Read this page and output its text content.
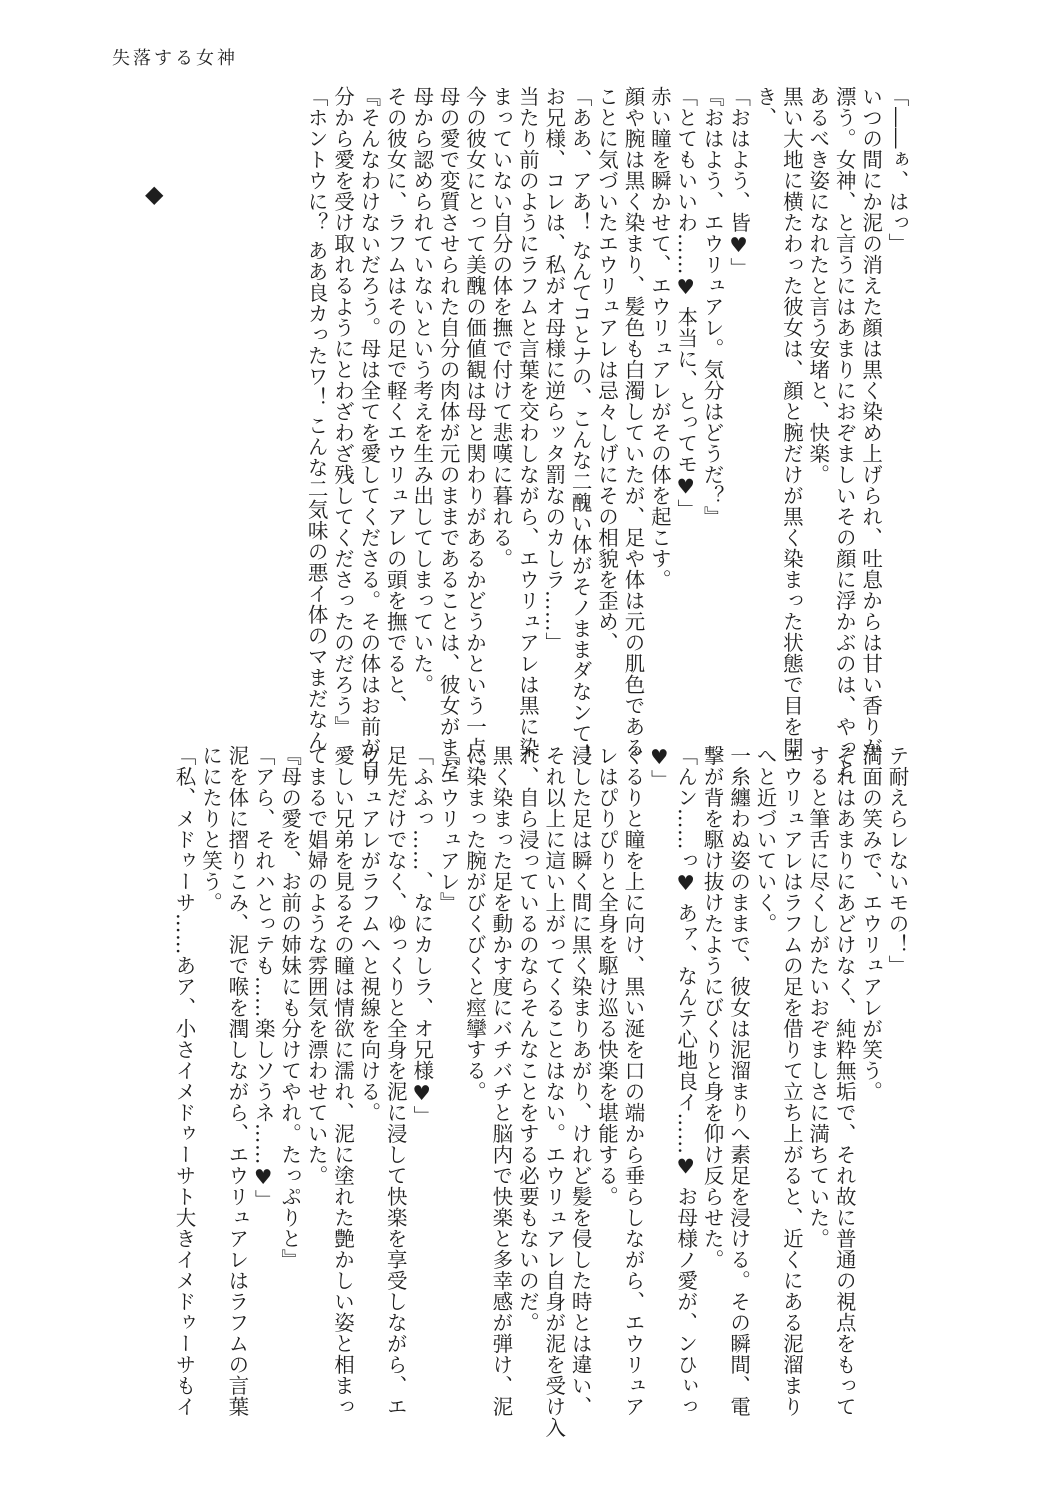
失落する女神
◆	「――ぁ、はっ」

いつの間にか泥の消えた顔は黒く染め上げられ、吐息からは甘い香りが

漂う。女神、と言うにはあまりにおぞましいその顔に浮かぶのは、やっと

あるべき姿になれたと言う安堵と、快楽。

黒い大地に横たわった彼女は、顔と腕だけが黒く染まった状態で目を開

き、

「おはよう、皆♥」

『おはよう、エウリュアレ。気分はどうだ？』

「とてもいいわ……♥ 本当に、とってモ♥」

赤い瞳を瞬かせて、エウリュアレがその体を起こす。

顔や腕は黒く染まり、髪色も白濁していたが、足や体は元の肌色である

ことに気づいたエウリュアレは忌々しげにその相貌を歪め、

「ああ、アあ！ なんてコとナの、こんな二醜い体がそノままダなンて！

お兄様、コレは、私がオ母様に逆らッタ罰なのカしラ……」

当たり前のようにラフムと言葉を交わしながら、エウリュアレは黒に染

まっていない自分の体を撫で付けて悲嘆に暮れる。

今の彼女にとって美醜の価値観は母と関わりがあるかどうかという一点。

母の愛で変質させられた自分の肉体が元のままであることは、彼女がまだ

母から認められていないという考えを生み出してしまっていた。

その彼女に、ラフムはその足で軽くエウリュアレの頭を撫でると、

『そんなわけないだろう。母は全てを愛してくださる。その体はお前が自

分から愛を受け取れるようにとわざわざ残してくださったのだろう』

「ホントウに？ ああ良カったワ！ こんな二気味の悪イ体のマまだなん

テ耐えらレないモの！」

満面の笑みで、エウリュアレが笑う。

それはあまりにあどけなく、純粋無垢で、それ故に普通の視点をもって

すると筆舌に尽くしがたいおぞましさに満ちていた。

エウリュアレはラフムの足を借りて立ち上がると、近くにある泥溜まり

へと近づいていく。

一糸纏わぬ姿のままで、彼女は泥溜まりへ素足を浸ける。その瞬間、電

撃が背を駆け抜けたようにびくりと身を仰け反らせた。

「んン……っ♥ あァ、なんテ心地良イ……♥ お母様ノ愛が、ンひぃっ

♥」

ぐるりと瞳を上に向け、黒い涎を口の端から垂らしながら、エウリュア

レはぴりぴりと全身を駆け巡る快楽を堪能する。

浸した足は瞬く間に黒く染まりあがり、けれど髪を侵した時とは違い、

それ以上に這い上がってくることはない。エウリュアレ自身が泥を受け入

れ、自ら浸っているのならそんなことをする必要もないのだ。

黒く染まった足を動かす度にバチバチと脳内で快楽と多幸感が弾け、泥

に染まった腕がびくびくと痙攣する。

『エウリュアレ』

「ふふっ……、なにカしラ、オ兄様♥」

足先だけでなく、ゆっくりと全身を泥に浸して快楽を享受しながら、エ

ウリュアレがラフムへと視線を向ける。

愛しい兄弟を見るその瞳は情欲に濡れ、泥に塗れた艶かしい姿と相まっ

てまるで娼婦のような雰囲気を漂わせていた。

『母の愛を、お前の姉妹にも分けてやれ。たっぷりと』

「アら、それハとっテも……楽しソうネ……♥」

泥を体に摺りこみ、泥で喉を潤しながら、エウリュアレはラフムの言葉

ににたりと笑う。

「私、メドゥーサ……あア、小さイメドゥーサト大きイメドゥーサもイ
